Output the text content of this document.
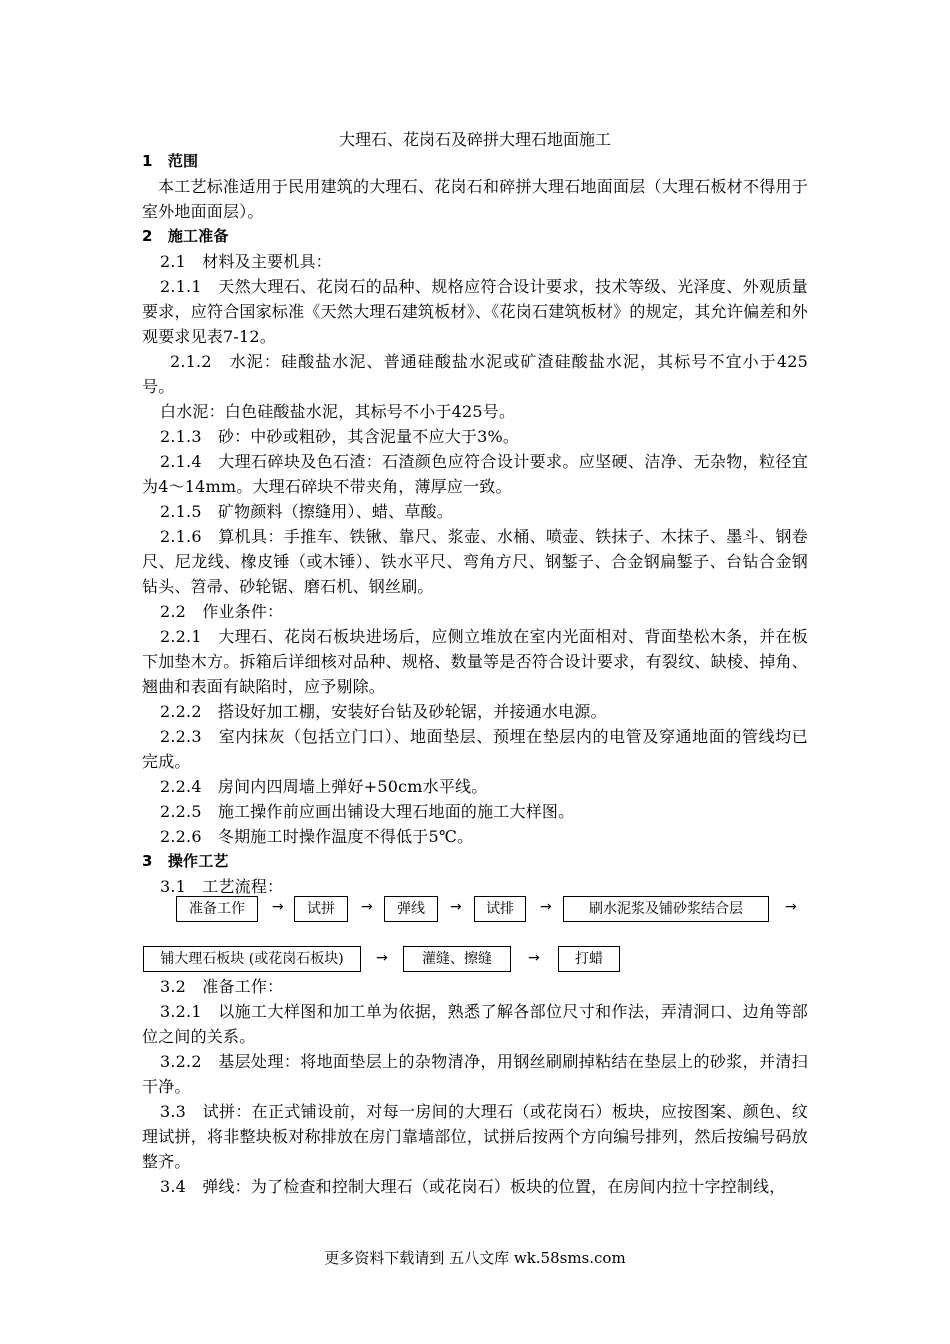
大理石、花岗石及碎拼大理石地面施工

1　范围

本工艺标准适用于民用建筑的大理石、花岗石和碎拼大理石地面面层（大理石板材不得用于室外地面面层）。

2　施工准备

2.1　材料及主要机具：

2.1.1　天然大理石、花岗石的品种、规格应符合设计要求，技术等级、光泽度、外观质量要求，应符合国家标准《天然大理石建筑板材》、《花岗石建筑板材》的规定，其允许偏差和外观要求见表7-12。

2.1.2　水泥：硅酸盐水泥、普通硅酸盐水泥或矿渣硅酸盐水泥，其标号不宜小于425号。

白水泥：白色硅酸盐水泥，其标号不小于425号。

2.1.3　砂：中砂或粗砂，其含泥量不应大于3%。

2.1.4　大理石碎块及色石渣：石渣颜色应符合设计要求。应坚硬、洁净、无杂物，粒径宜为4～14mm。大理石碎块不带夹角，薄厚应一致。

2.1.5　矿物颜料（擦缝用）、蜡、草酸。

2.1.6　算机具：手推车、铁锹、靠尺、浆壶、水桶、喷壶、铁抹子、木抹子、墨斗、钢卷尺、尼龙线、橡皮锤（或木锤）、铁水平尺、弯角方尺、钢錾子、合金钢扁錾子、台钻合金钢钻头、笤帚、砂轮锯、磨石机、钢丝刷。

2.2　作业条件：

2.2.1　大理石、花岗石板块进场后，应侧立堆放在室内光面相对、背面垫松木条，并在板下加垫木方。拆箱后详细核对品种、规格、数量等是否符合设计要求，有裂纹、缺棱、掉角、翘曲和表面有缺陷时，应予剔除。

2.2.2　搭设好加工棚，安装好台钻及砂轮锯，并接通水电源。

2.2.3　室内抹灰（包括立门口）、地面垫层、预埋在垫层内的电管及穿通地面的管线均已完成。

2.2.4　房间内四周墙上弹好+50cm水平线。

2.2.5　施工操作前应画出铺设大理石地面的施工大样图。

2.2.6　冬期施工时操作温度不得低于5℃。

3　操作工艺

3.1　工艺流程：

准备工作	→	试拼	→	弹线	→	试排	→	刷水泥浆及铺砂浆结合层	→
铺大理石板块 (或花岗石板块)	→	灌缝、擦缝	→	打蜡

3.2　准备工作：

3.2.1　以施工大样图和加工单为依据，熟悉了解各部位尺寸和作法，弄清洞口、边角等部位之间的关系。

3.2.2　基层处理：将地面垫层上的杂物清净，用钢丝刷刷掉粘结在垫层上的砂浆，并清扫干净。

3.3　试拼：在正式铺设前，对每一房间的大理石（或花岗石）板块，应按图案、颜色、纹理试拼，将非整块板对称排放在房门靠墙部位，试拼后按两个方向编号排列，然后按编号码放整齐。

3.4　弹线：为了检查和控制大理石（或花岗石）板块的位置，在房间内拉十字控制线，

更多资料下载请到 五八文库 wk.58sms.com
